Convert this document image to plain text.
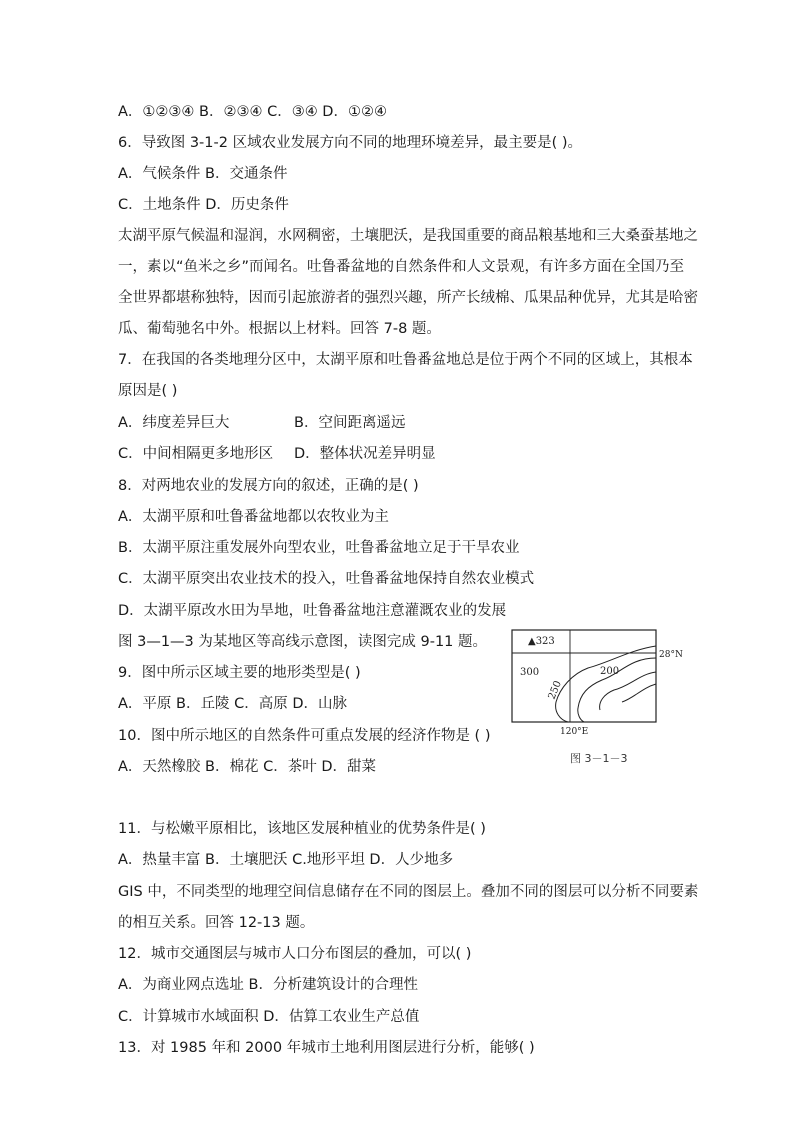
A．①②③④ B．②③④ C．③④ D．①②④
6．导致图 3-1-2 区域农业发展方向不同的地理环境差异，最主要是( )。
A．气候条件 B．交通条件
C．土地条件 D．历史条件
太湖平原气候温和湿润，水网稠密，土壤肥沃，是我国重要的商品粮基地和三大桑蚕基地之
一，素以“鱼米之乡”而闻名。吐鲁番盆地的自然条件和人文景观，有许多方面在全国乃至
全世界都堪称独特，因而引起旅游者的强烈兴趣，所产长绒棉、瓜果品种优异，尤其是哈密
瓜、葡萄驰名中外。根据以上材料。回答 7-8 题。
7．在我国的各类地理分区中，太湖平原和吐鲁番盆地总是位于两个不同的区域上，其根本
原因是( )
A．纬度差异巨大	B．空间距离遥远
C．中间相隔更多地形区 D．整体状况差异明显
8．对两地农业的发展方向的叙述，正确的是( )
A．太湖平原和吐鲁番盆地都以农牧业为主
B．太湖平原注重发展外向型农业，吐鲁番盆地立足于干旱农业
C．太湖平原突出农业技术的投入，吐鲁番盆地保持自然农业模式
D．太湖平原改水田为旱地，吐鲁番盆地注意灌溉农业的发展
图 3—1—3 为某地区等高线示意图，读图完成 9-11 题。
9．图中所示区域主要的地形类型是( )
A．平原 B．丘陵 C．高原 D．山脉
10．图中所示地区的自然条件可重点发展的经济作物是 ( )
A．天然橡胶 B．棉花 C．茶叶 D．甜菜
11．与松嫩平原相比，该地区发展种植业的优势条件是( )
A．热量丰富 B．土壤肥沃 C.地形平坦 D．人少地多
GIS 中，不同类型的地理空间信息储存在不同的图层上。叠加不同的图层可以分析不同要素
的相互关系。回答 12-13 题。
12．城市交通图层与城市人口分布图层的叠加，可以( )
A．为商业网点选址 B．分析建筑设计的合理性
C．计算城市水域面积 D．估算工农业生产总值
13．对 1985 年和 2000 年城市土地利用图层进行分析，能够( )
▲323
300	200
250
28°N
120°E
图 3－1－3
